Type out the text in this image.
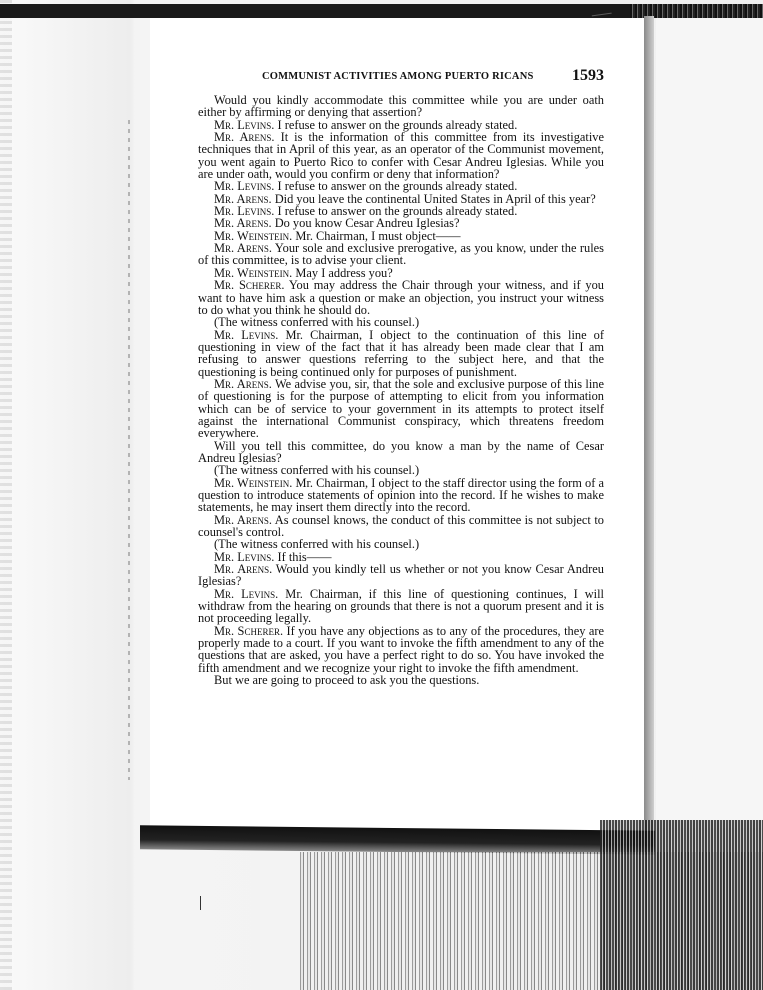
COMMUNIST ACTIVITIES AMONG PUERTO RICANS 1593

Would you kindly accommodate this committee while you are under oath either by affirming or denying that assertion?

Mr. Levins. I refuse to answer on the grounds already stated.

Mr. Arens. It is the information of this committee from its investigative techniques that in April of this year, as an operator of the Communist movement, you went again to Puerto Rico to confer with Cesar Andreu Iglesias. While you are under oath, would you confirm or deny that information?

Mr. Levins. I refuse to answer on the grounds already stated.

Mr. Arens. Did you leave the continental United States in April of this year?

Mr. Levins. I refuse to answer on the grounds already stated.

Mr. Arens. Do you know Cesar Andreu Iglesias?

Mr. Weinstein. Mr. Chairman, I must object——

Mr. Arens. Your sole and exclusive prerogative, as you know, under the rules of this committee, is to advise your client.

Mr. Weinstein. May I address you?

Mr. Scherer. You may address the Chair through your witness, and if you want to have him ask a question or make an objection, you instruct your witness to do what you think he should do.

(The witness conferred with his counsel.)

Mr. Levins. Mr. Chairman, I object to the continuation of this line of questioning in view of the fact that it has already been made clear that I am refusing to answer questions referring to the subject here, and that the questioning is being continued only for purposes of punishment.

Mr. Arens. We advise you, sir, that the sole and exclusive purpose of this line of questioning is for the purpose of attempting to elicit from you information which can be of service to your government in its attempts to protect itself against the international Communist conspiracy, which threatens freedom everywhere.

Will you tell this committee, do you know a man by the name of Cesar Andreu Iglesias?

(The witness conferred with his counsel.)

Mr. Weinstein. Mr. Chairman, I object to the staff director using the form of a question to introduce statements of opinion into the record. If he wishes to make statements, he may insert them directly into the record.

Mr. Arens. As counsel knows, the conduct of this committee is not subject to counsel's control.

(The witness conferred with his counsel.)

Mr. Levins. If this——

Mr. Arens. Would you kindly tell us whether or not you know Cesar Andreu Iglesias?

Mr. Levins. Mr. Chairman, if this line of questioning continues, I will withdraw from the hearing on grounds that there is not a quorum present and it is not proceeding legally.

Mr. Scherer. If you have any objections as to any of the procedures, they are properly made to a court. If you want to invoke the fifth amendment to any of the questions that are asked, you have a perfect right to do so. You have invoked the fifth amendment and we recognize your right to invoke the fifth amendment.

But we are going to proceed to ask you the questions.
